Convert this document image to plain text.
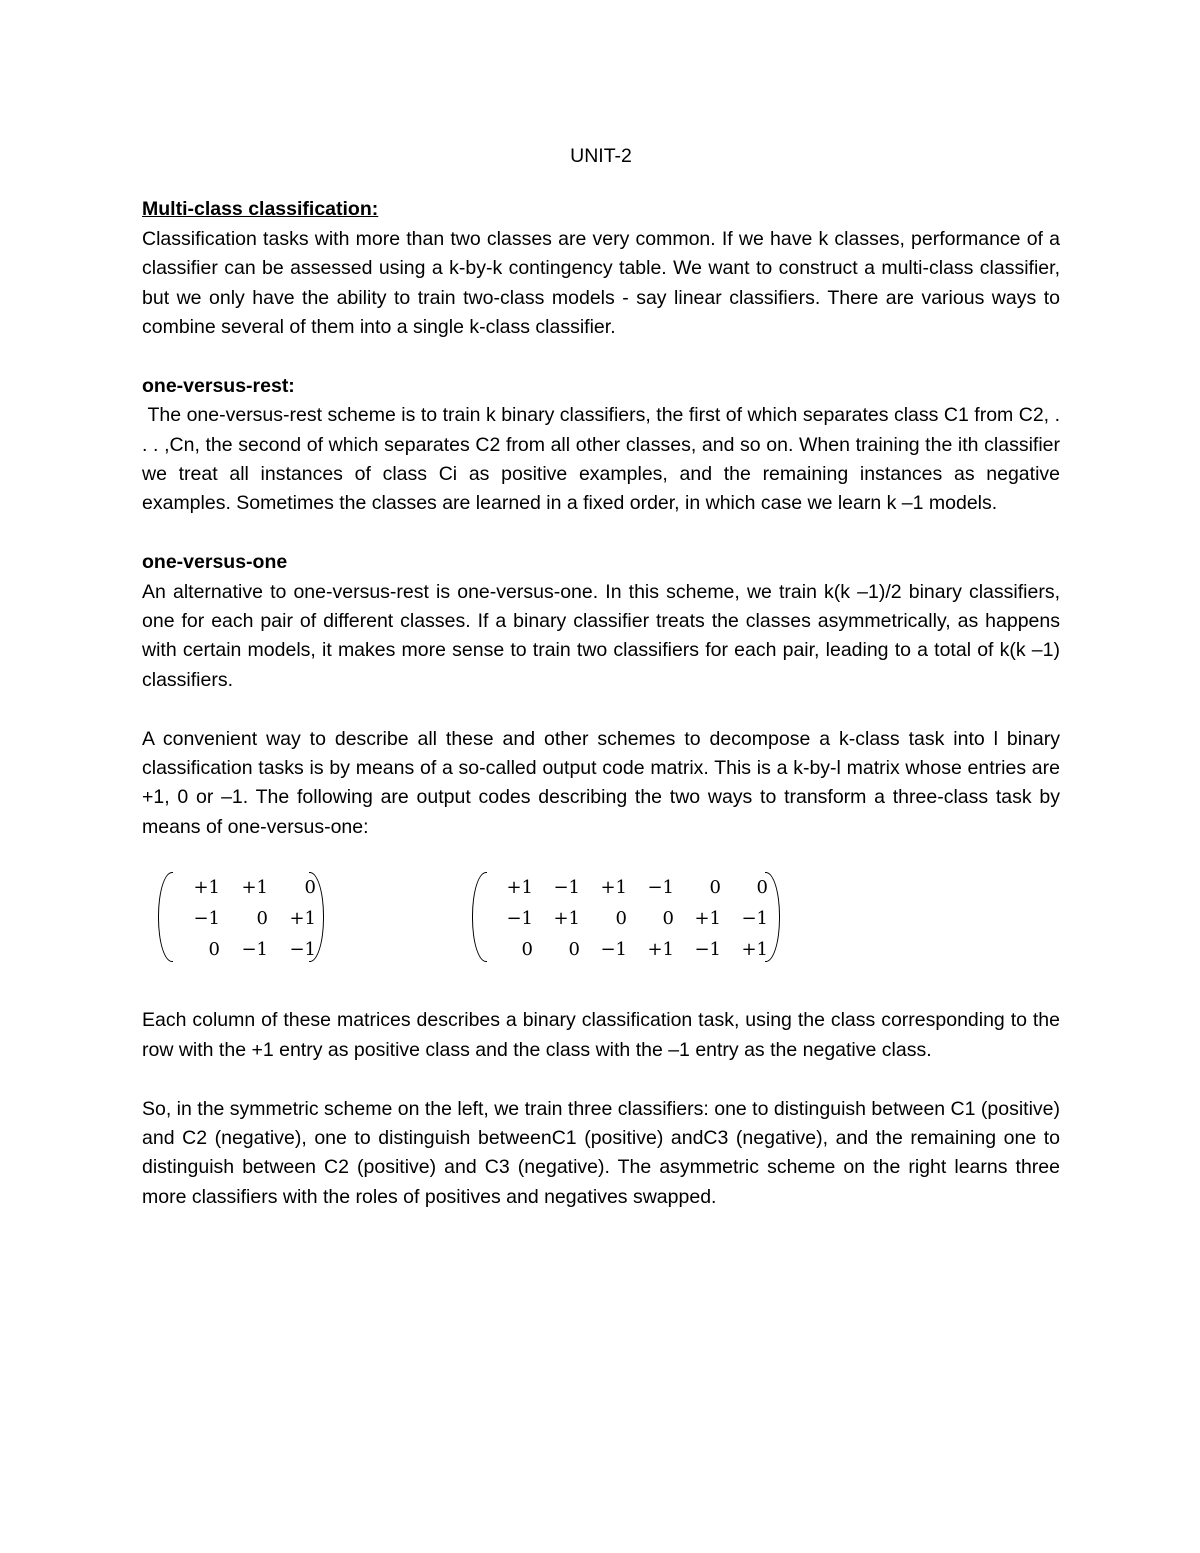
UNIT-2

Multi-class classification:

Classification tasks with more than two classes are very common. If we have k classes, performance of a classifier can be assessed using a k-by-k contingency table. We want to construct a multi-class classifier, but we only have the ability to train two-class models - say linear classifiers. There are various ways to combine several of them into a single k-class classifier.

one-versus-rest:

The one-versus-rest scheme is to train k binary classifiers, the first of which separates class C1 from C2, . . . ,Cn, the second of which separates C2 from all other classes, and so on. When training the ith classifier we treat all instances of class Ci as positive examples, and the remaining instances as negative examples. Sometimes the classes are learned in a fixed order, in which case we learn k –1 models.

one-versus-one

An alternative to one-versus-rest is one-versus-one. In this scheme, we train k(k –1)/2 binary classifiers, one for each pair of different classes. If a binary classifier treats the classes asymmetrically, as happens with certain models, it makes more sense to train two classifiers for each pair, leading to a total of k(k –1) classifiers.

A convenient way to describe all these and other schemes to decompose a k-class task into l binary classification tasks is by means of a so-called output code matrix. This is a k-by-l matrix whose entries are +1, 0 or –1. The following are output codes describing the two ways to transform a three-class task by means of one-versus-one:

+1	+1	0
−1	0	+1
0	−1	−1
+1	−1	+1	−1	0	0
−1	+1	0	0	+1	−1
0	0	−1	+1	−1	+1

Each column of these matrices describes a binary classification task, using the class corresponding to the row with the +1 entry as positive class and the class with the –1 entry as the negative class.

So, in the symmetric scheme on the left, we train three classifiers: one to distinguish between C1 (positive) and C2 (negative), one to distinguish betweenC1 (positive) andC3 (negative), and the remaining one to distinguish between C2 (positive) and C3 (negative). The asymmetric scheme on the right learns three more classifiers with the roles of positives and negatives swapped.
